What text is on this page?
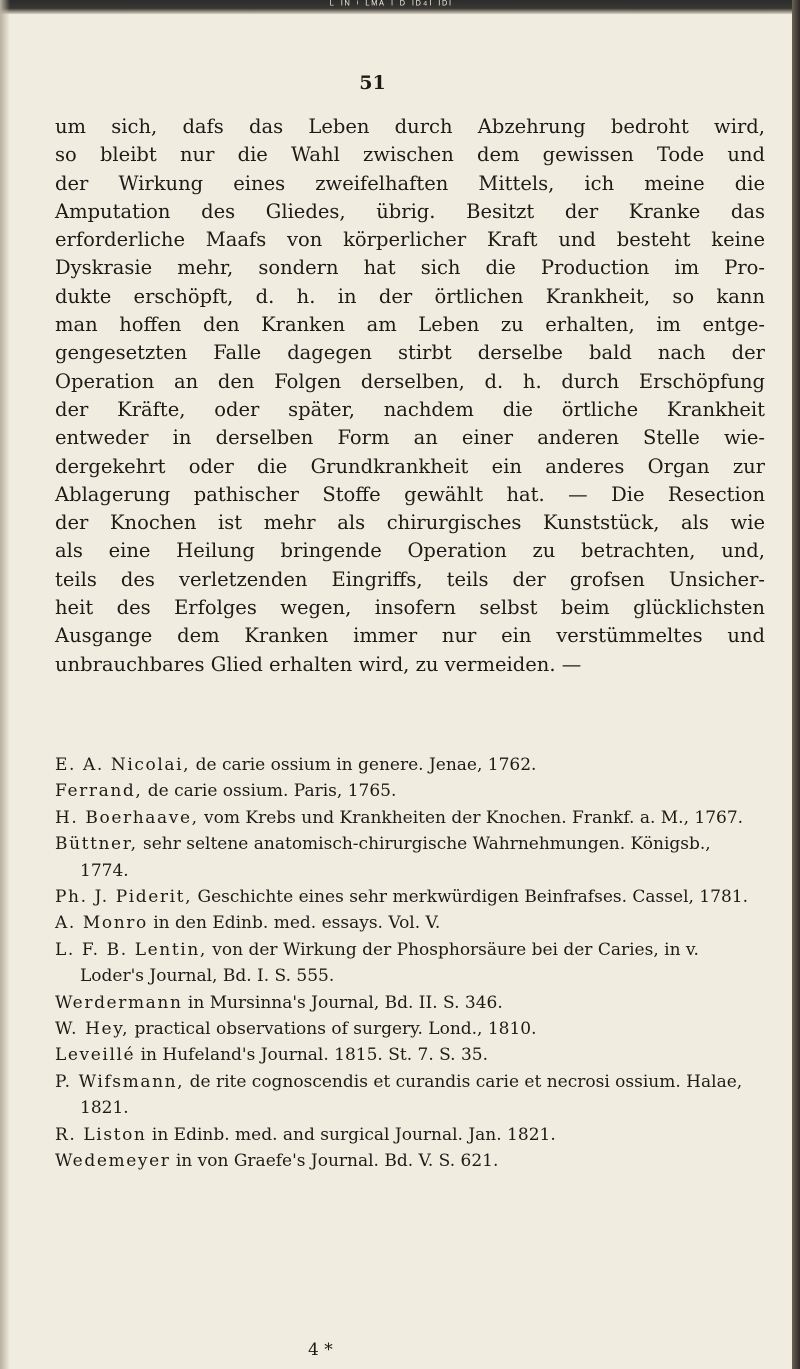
ᴸ ᴵᴺ ⁱ ᴸᴹᴬ ᴵ ᴰ ᴵᴰ⁴ᴵ ᴵᴰᴵ
51
um sich, dafs das Leben durch Abzehrung bedroht wird,
so bleibt nur die Wahl zwischen dem gewissen Tode und
der Wirkung eines zweifelhaften Mittels, ich meine die
Amputation des Gliedes, übrig. Besitzt der Kranke das
erforderliche Maafs von körperlicher Kraft und besteht keine
Dyskrasie mehr, sondern hat sich die Production im Pro-
dukte erschöpft, d. h. in der örtlichen Krankheit, so kann
man hoffen den Kranken am Leben zu erhalten, im entge-
gengesetzten Falle dagegen stirbt derselbe bald nach der
Operation an den Folgen derselben, d. h. durch Erschöpfung
der Kräfte, oder später, nachdem die örtliche Krankheit
entweder in derselben Form an einer anderen Stelle wie-
dergekehrt oder die Grundkrankheit ein anderes Organ zur
Ablagerung pathischer Stoffe gewählt hat. — Die Resection
der Knochen ist mehr als chirurgisches Kunststück, als wie
als eine Heilung bringende Operation zu betrachten, und,
teils des verletzenden Eingriffs, teils der grofsen Unsicher-
heit des Erfolges wegen, insofern selbst beim glücklichsten
Ausgange dem Kranken immer nur ein verstümmeltes und
unbrauchbares Glied erhalten wird, zu vermeiden. —

E. A. Nicolai, de carie ossium in genere. Jenae, 1762.

Ferrand, de carie ossium. Paris, 1765.

H. Boerhaave, vom Krebs und Krankheiten der Knochen. Frankf. a. M., 1767.

Büttner, sehr seltene anatomisch-chirurgische Wahrnehmungen. Königsb., 1774.

Ph. J. Piderit, Geschichte eines sehr merkwürdigen Beinfrafses. Cassel, 1781.

A. Monro in den Edinb. med. essays. Vol. V.

L. F. B. Lentin, von der Wirkung der Phosphorsäure bei der Caries, in v. Loder's Journal, Bd. I. S. 555.

Werdermann in Mursinna's Journal, Bd. II. S. 346.

W. Hey, practical observations of surgery. Lond., 1810.

Leveillé in Hufeland's Journal. 1815. St. 7. S. 35.

P. Wifsmann, de rite cognoscendis et curandis carie et necrosi ossium. Halae, 1821.

R. Liston in Edinb. med. and surgical Journal. Jan. 1821.

Wedemeyer in von Graefe's Journal. Bd. V. S. 621.

4 *
